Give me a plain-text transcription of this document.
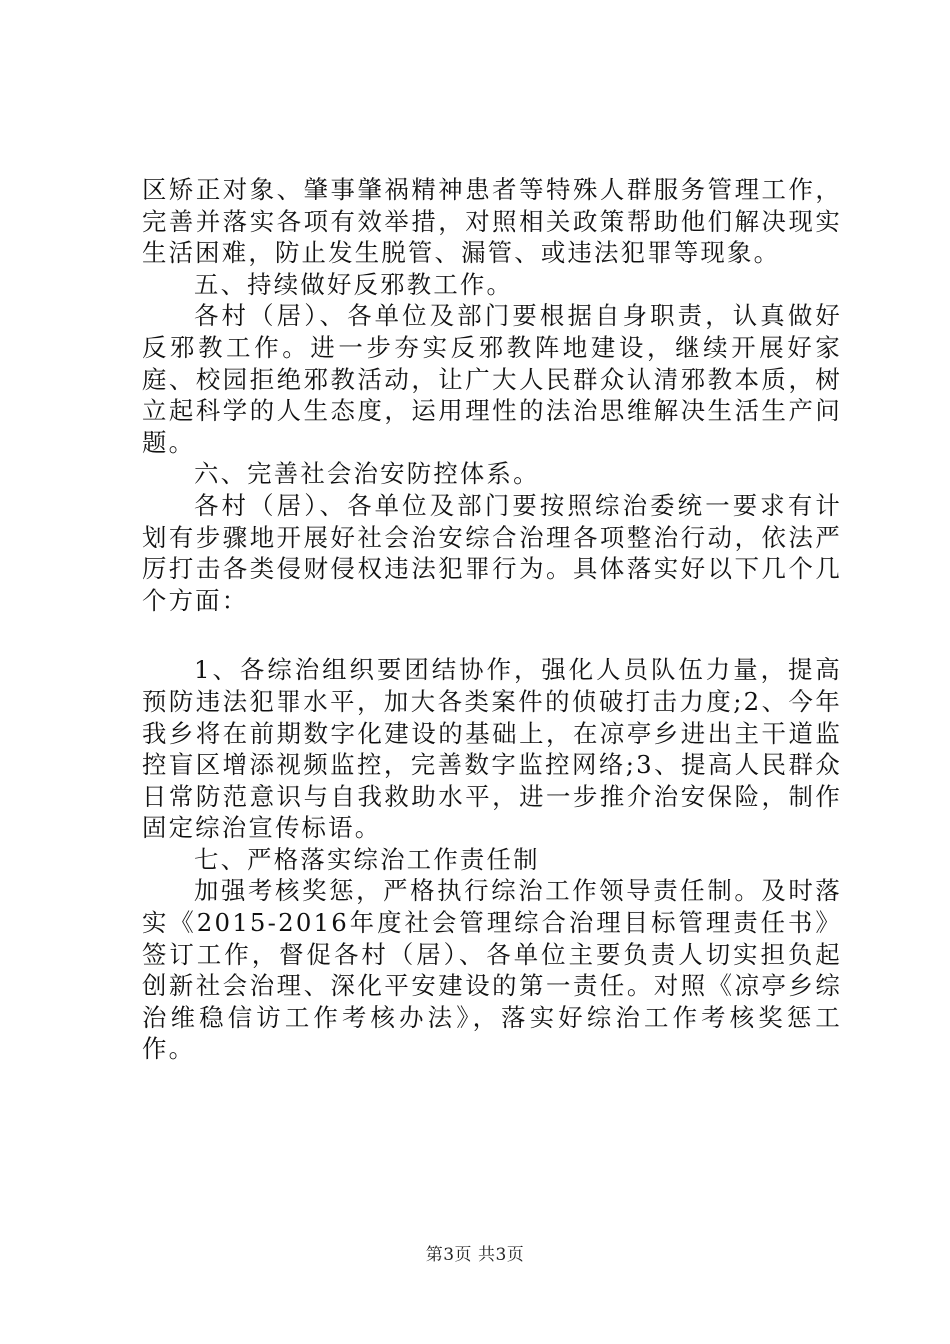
区矫正对象、肇事肇祸精神患者等特殊人群服务管理工作，完善并落实各项有效举措，对照相关政策帮助他们解决现实生活困难，防止发生脱管、漏管、或违法犯罪等现象。

五、持续做好反邪教工作。

各村（居）、各单位及部门要根据自身职责，认真做好反邪教工作。进一步夯实反邪教阵地建设，继续开展好家庭、校园拒绝邪教活动，让广大人民群众认清邪教本质，树立起科学的人生态度，运用理性的法治思维解决生活生产问题。

六、完善社会治安防控体系。

各村（居）、各单位及部门要按照综治委统一要求有计划有步骤地开展好社会治安综合治理各项整治行动，依法严厉打击各类侵财侵权违法犯罪行为。具体落实好以下几个几个方面：

1、各综治组织要团结协作，强化人员队伍力量，提高预防违法犯罪水平，加大各类案件的侦破打击力度;2、今年我乡将在前期数字化建设的基础上，在凉亭乡进出主干道监控盲区增添视频监控，完善数字监控网络;3、提高人民群众日常防范意识与自我救助水平，进一步推介治安保险，制作固定综治宣传标语。

七、严格落实综治工作责任制

加强考核奖惩，严格执行综治工作领导责任制。及时落实《2015-2016年度社会管理综合治理目标管理责任书》签订工作，督促各村（居）、各单位主要负责人切实担负起创新社会治理、深化平安建设的第一责任。对照《凉亭乡综治维稳信访工作考核办法》，落实好综治工作考核奖惩工作。

第3页 共3页
